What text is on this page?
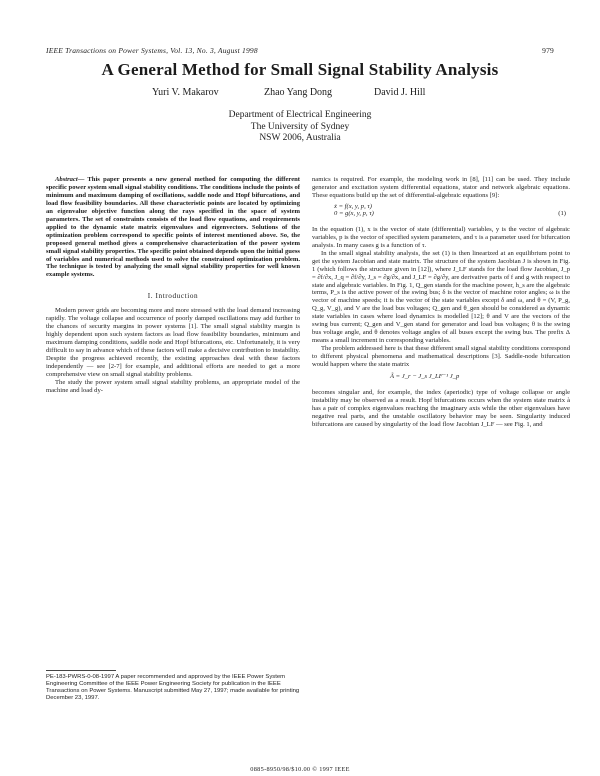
IEEE Transactions on Power Systems, Vol. 13, No. 3, August 1998	979
A General Method for Small Signal Stability Analysis
Yuri V. Makarov	Zhao Yang Dong	David J. Hill
Department of Electrical Engineering
The University of Sydney
NSW 2006, Australia

Abstract— This paper presents a new general method for computing the different specific power system small signal stability conditions. The conditions include the points of minimum and maximum damping of oscillations, saddle node and Hopf bifurcations, and load flow feasibility boundaries. All these characteristic points are located by optimizing an eigenvalue objective function along the rays specified in the space of system parameters. The set of constraints consists of the load flow equations, and requirements applied to the dynamic state matrix eigenvalues and eigenvectors. Solutions of the optimization problem correspond to specific points of interest mentioned above. So, the proposed general method gives a comprehensive characterization of the power system small signal stability properties. The specific point obtained depends upon the initial guess of variables and numerical methods used to solve the constrained optimization problem. The technique is tested by analyzing the small signal stability properties for well known example systems.

I. Introduction

Modern power grids are becoming more and more stressed with the load demand increasing rapidly. The voltage collapse and occurrence of poorly damped oscillations may add further to the chances of security margins in power systems [1]. The small signal stability margin is highly dependent upon such system factors as load flow feasibility boundaries, minimum and maximum damping conditions, saddle node and Hopf bifurcations, etc. Unfortunately, it is very difficult to say in advance which of these factors will make a decisive contribution to instability. Despite the progress achieved recently, the existing approaches deal with these factors independently — see [2-7] for example, and additional efforts are needed to get a more comprehensive view on small signal stability problems.

The study the power system small signal stability problems, an appropriate model of the machine and load dy-

PE-183-PWRS-0-08-1997 A paper recommended and approved by the IEEE Power System Engineering Committee of the IEEE Power Engineering Society for publication in the IEEE Transactions on Power Systems. Manuscript submitted May 27, 1997; made available for printing December 23, 1997.

namics is required. For example, the modeling work in [8], [11] can be used. They include generator and excitation system differential equations, stator and network algebraic equations. These equations build up the set of differential-algebraic equations [9]:

ẋ = f(x, y, p, τ)
0 = g(x, y, p, τ)	(1)

In the equation (1), x is the vector of state (differential) variables, y is the vector of algebraic variables, p is the vector of specified system parameters, and τ is a parameter used for bifurcation analysis. In many cases g is a function of τ.

In the small signal stability analysis, the set (1) is then linearized at an equilibrium point to get the system Jacobian and state matrix. The structure of the system Jacobian J is shown in Fig. 1 (which follows the structure given in [12]), where J_LF stands for the load flow Jacobian, J_p = ∂f/∂x, J_q = ∂f/∂y, J_s = ∂g/∂x, and J_LF = ∂g/∂y, are derivative parts of f and g with respect to state and algebraic variables. In Fig. 1, Q_gen stands for the machine power, h_s are the algebraic terms, P_s is the active power of the swing bus; δ is the vector of machine rotor angles; ω is the vector of machine speeds; it is the vector of the state variables except δ and ω, and θ = (V, P_g, Q_g, V_g), and V are the load bus voltages; Q_gen and θ_gen should be considered as dynamic state variables in cases where load dynamics is modelled [12]; θ and V are the vectors of the swing bus current; Q_gen and V_gen stand for generator and load bus voltages; θ is the swing bus voltage angle, and θ denotes voltage angles of all buses except the swing bus. The prefix Δ means a small increment in corresponding variables.

The problem addressed here is that these different small signal stability conditions correspond to different physical phenomena and mathematical descriptions [3]. Saddle-node bifurcation would happen where the state matrix

Ã = J_r − J_s J_LF⁻¹ J_p

becomes singular and, for example, the index (aperiodic) type of voltage collapse or angle instability may be observed as a result. Hopf bifurcations occurs when the system state matrix à has a pair of complex eigenvalues reaching the imaginary axis while the other eigenvalues have negative real parts, and the unstable oscillatory behavior may be seen. Singularity induced bifurcations are caused by singularity of the load flow Jacobian J_LF — see Fig. 1, and

0885-8950/98/$10.00 © 1997 IEEE
